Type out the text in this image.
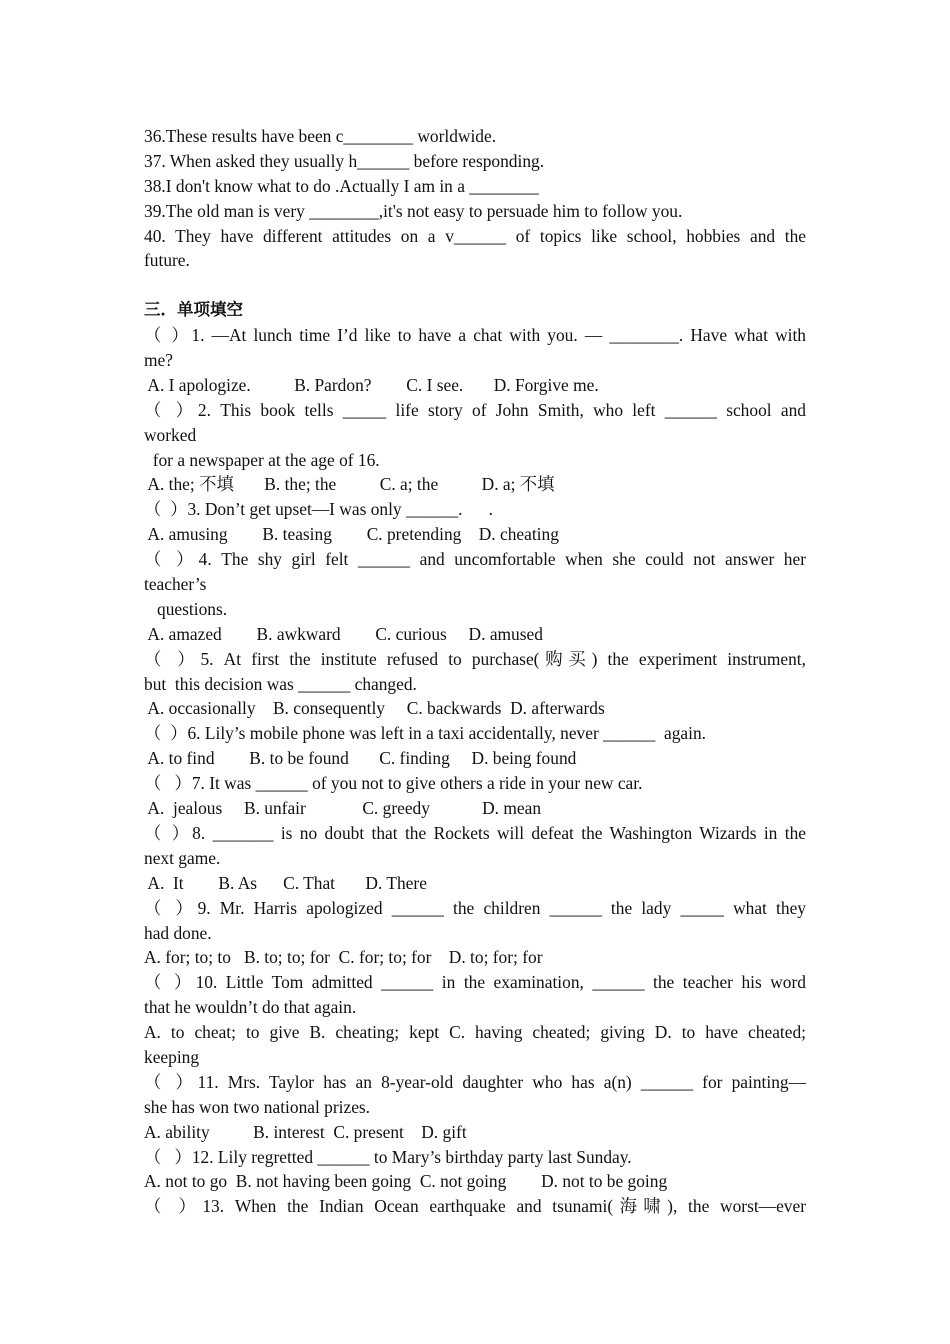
36.These results have been c________ worldwide.
37. When asked they usually h______ before responding.
38.I don't know what to do .Actually I am in a ________
39.The old man is very ________,it's not easy to persuade him to follow you.
40. They have different attitudes on a v______ of topics like school, hobbies and the
future.
三．单项填空
（ ）1. —At lunch time I’d like to have a chat with you. — ________. Have what with
me?
A. I apologize.          B. Pardon?        C. I see.       D. Forgive me.
（ ）2. This book tells _____ life story of John Smith, who left ______ school and
worked
for a newspaper at the age of 16.
A. the; 不填       B. the; the          C. a; the          D. a; 不填
（  ）3. Don’t get upset—I was only ______.      .
A. amusing        B. teasing        C. pretending    D. cheating
（ ）4. The shy girl felt ______ and uncomfortable when she could not answer her
teacher’s
questions.
A. amazed        B. awkward        C. curious     D. amused
（ ）5. At first the institute refused to purchase(购买) the experiment instrument,
but  this decision was ______ changed.
A. occasionally    B. consequently     C. backwards  D. afterwards
（  ）6. Lily’s mobile phone was left in a taxi accidentally, never ______  again.
A. to find        B. to be found       C. finding     D. being found
（   ）7. It was ______ of you not to give others a ride in your new car.
A.  jealous     B. unfair             C. greedy            D. mean
（ ）8. _______ is no doubt that the Rockets will defeat the Washington Wizards in the
next game.
A.  It        B. As      C. That       D. There
（ ）9. Mr. Harris apologized ______ the children ______ the lady _____ what they
had done.
A. for; to; to   B. to; to; for  C. for; to; for    D. to; for; for
（ ）10. Little Tom admitted ______ in the examination, ______ the teacher his word
that he wouldn’t do that again.
A. to cheat; to give B. cheating; kept C. having cheated; giving D. to have cheated;
keeping
（ ）11. Mrs. Taylor has an 8-year-old daughter who has a(n) ______ for painting—
she has won two national prizes.
A. ability          B. interest  C. present    D. gift
（   ）12. Lily regretted ______ to Mary’s birthday party last Sunday.
A. not to go  B. not having been going  C. not going        D. not to be going
（ ）13. When the Indian Ocean earthquake and tsunami(海啸), the worst—ever
